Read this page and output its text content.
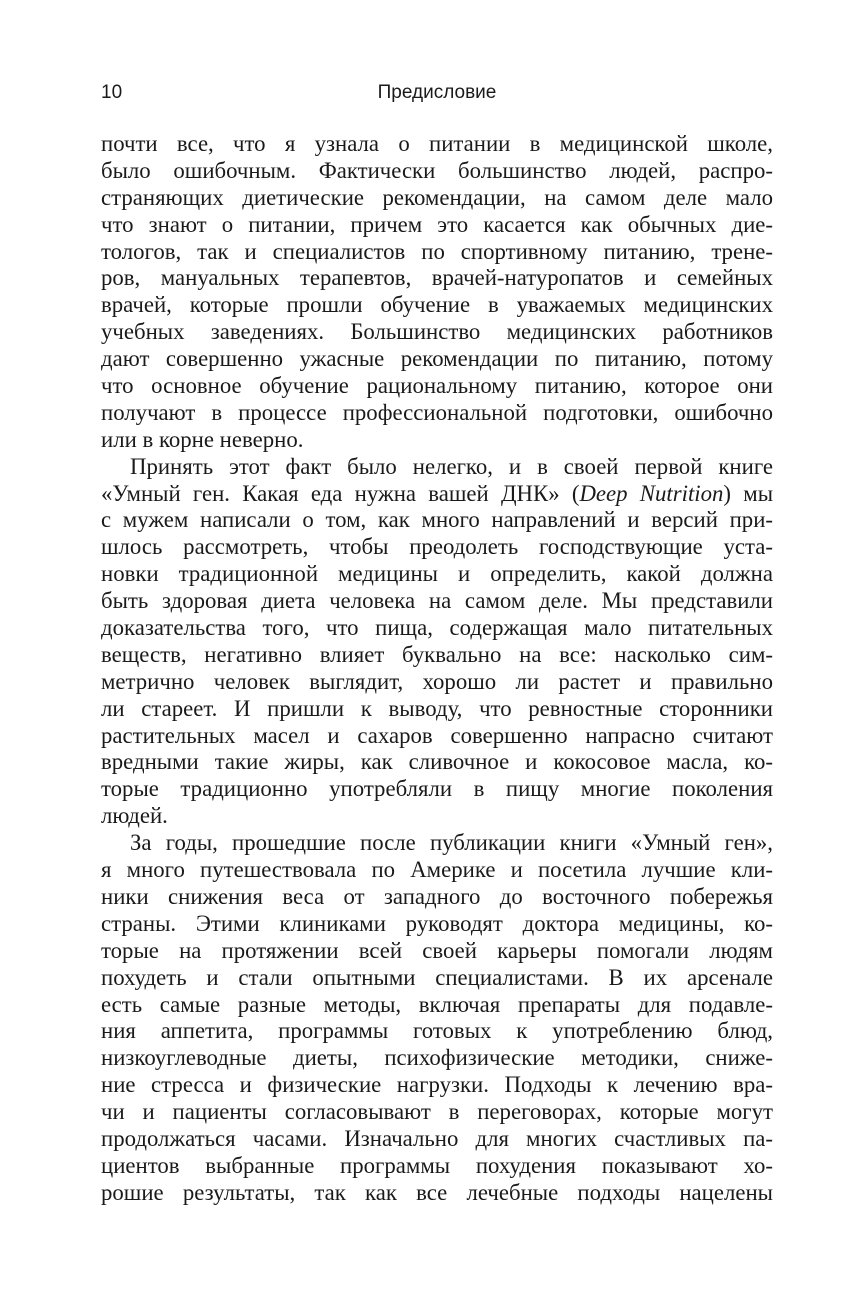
10	Предисловие
почти все, что я узнала о питании в медицинской школе,
было ошибочным. Фактически большинство людей, распро-
страняющих диетические рекомендации, на самом деле мало
что знают о питании, причем это касается как обычных дие-
тологов, так и специалистов по спортивному питанию, трене-
ров, мануальных терапевтов, врачей-натуропатов и семейных
врачей, которые прошли обучение в уважаемых медицинских
учебных заведениях. Большинство медицинских работников
дают совершенно ужасные рекомендации по питанию, потому
что основное обучение рациональному питанию, которое они
получают в процессе профессиональной подготовки, ошибочно
или в корне неверно.
Принять этот факт было нелегко, и в своей первой книге
«Умный ген. Какая еда нужна вашей ДНК» (Deep Nutrition) мы
с мужем написали о том, как много направлений и версий при-
шлось рассмотреть, чтобы преодолеть господствующие уста-
новки традиционной медицины и определить, какой должна
быть здоровая диета человека на самом деле. Мы представили
доказательства того, что пища, содержащая мало питательных
веществ, негативно влияет буквально на все: насколько сим-
метрично человек выглядит, хорошо ли растет и правильно
ли стареет. И пришли к выводу, что ревностные сторонники
растительных масел и сахаров совершенно напрасно считают
вредными такие жиры, как сливочное и кокосовое масла, ко-
торые традиционно употребляли в пищу многие поколения
людей.
За годы, прошедшие после публикации книги «Умный ген»,
я много путешествовала по Америке и посетила лучшие кли-
ники снижения веса от западного до восточного побережья
страны. Этими клиниками руководят доктора медицины, ко-
торые на протяжении всей своей карьеры помогали людям
похудеть и стали опытными специалистами. В их арсенале
есть самые разные методы, включая препараты для подавле-
ния аппетита, программы готовых к употреблению блюд,
низкоуглеводные диеты, психофизические методики, сниже-
ние стресса и физические нагрузки. Подходы к лечению вра-
чи и пациенты согласовывают в переговорах, которые могут
продолжаться часами. Изначально для многих счастливых па-
циентов выбранные программы похудения показывают хо-
рошие результаты, так как все лечебные подходы нацелены
